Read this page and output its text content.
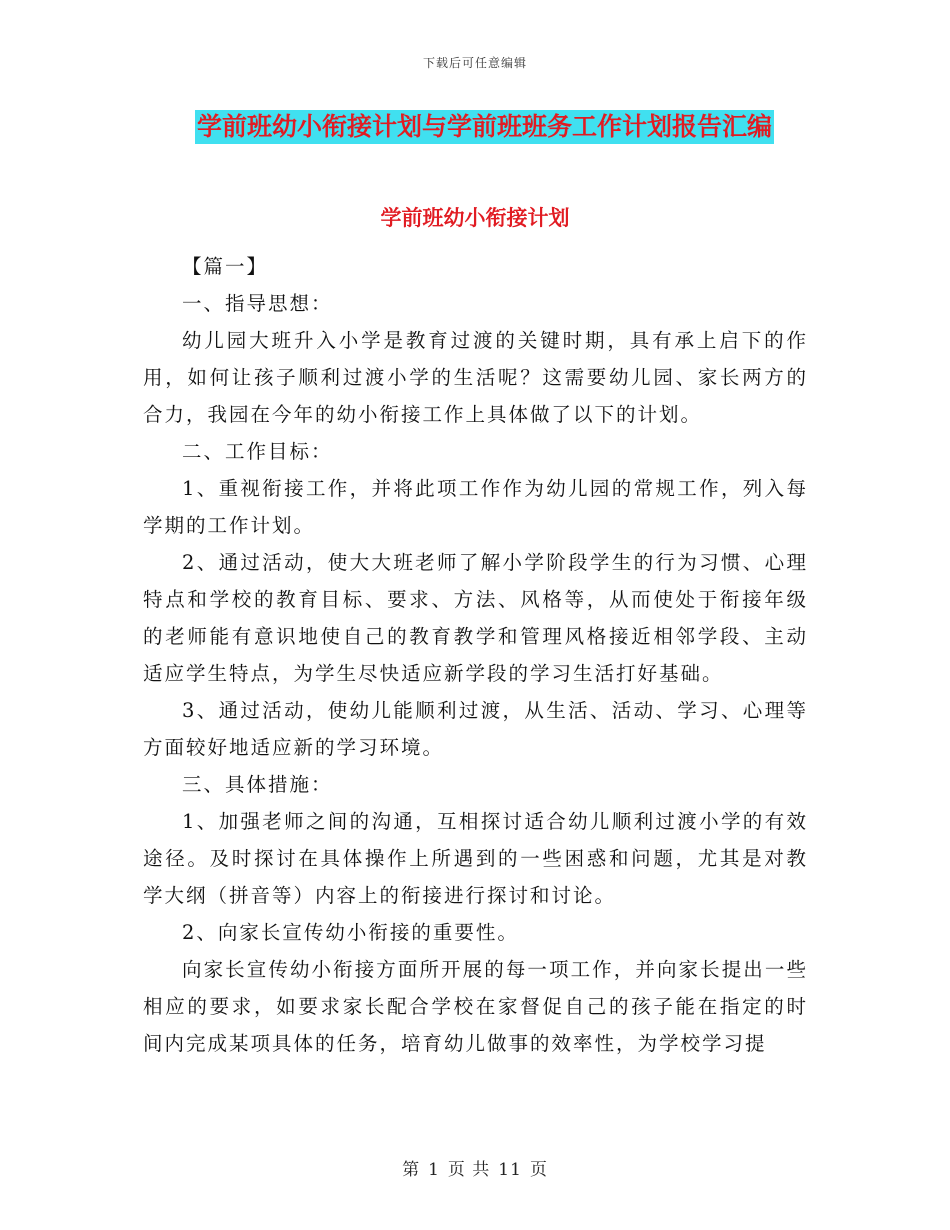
下载后可任意编辑
学前班幼小衔接计划与学前班班务工作计划报告汇编
学前班幼小衔接计划

【篇一】

一、指导思想：

幼儿园大班升入小学是教育过渡的关键时期，具有承上启下的作用，如何让孩子顺利过渡小学的生活呢？这需要幼儿园、家长两方的合力，我园在今年的幼小衔接工作上具体做了以下的计划。

二、工作目标：

1、重视衔接工作，并将此项工作作为幼儿园的常规工作，列入每学期的工作计划。

2、通过活动，使大大班老师了解小学阶段学生的行为习惯、心理特点和学校的教育目标、要求、方法、风格等，从而使处于衔接年级的老师能有意识地使自己的教育教学和管理风格接近相邻学段、主动适应学生特点，为学生尽快适应新学段的学习生活打好基础。

3、通过活动，使幼儿能顺利过渡，从生活、活动、学习、心理等方面较好地适应新的学习环境。

三、具体措施：

1、加强老师之间的沟通，互相探讨适合幼儿顺利过渡小学的有效途径。及时探讨在具体操作上所遇到的一些困惑和问题，尤其是对教学大纲（拼音等）内容上的衔接进行探讨和讨论。

2、向家长宣传幼小衔接的重要性。

向家长宣传幼小衔接方面所开展的每一项工作，并向家长提出一些相应的要求，如要求家长配合学校在家督促自己的孩子能在指定的时间内完成某项具体的任务，培育幼儿做事的效率性，为学校学习提

第 1 页 共 11 页
